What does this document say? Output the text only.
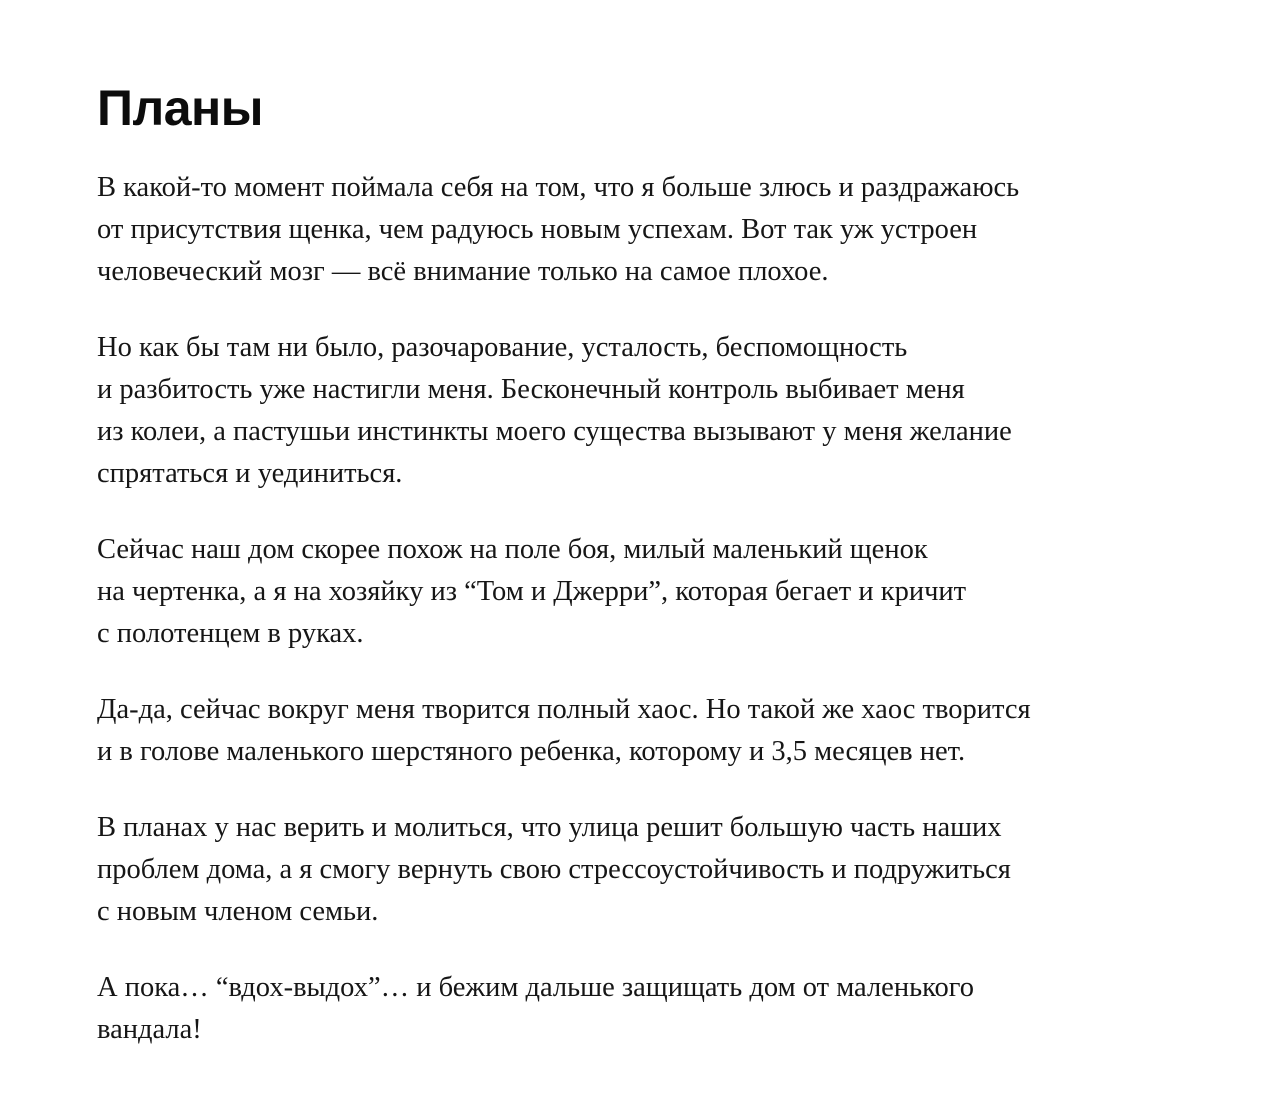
Планы

В какой-то момент поймала себя на том, что я больше злюсь и раздражаюсь
от присутствия щенка, чем радуюсь новым успехам. Вот так уж устроен
человеческий мозг — всё внимание только на самое плохое.

Но как бы там ни было, разочарование, усталость, беспомощность
и разбитость уже настигли меня. Бесконечный контроль выбивает меня
из колеи, а пастушьи инстинкты моего существа вызывают у меня желание
спрятаться и уединиться.

Сейчас наш дом скорее похож на поле боя, милый маленький щенок
на чертенка, а я на хозяйку из “Том и Джерри”, которая бегает и кричит
с полотенцем в руках.

Да-да, сейчас вокруг меня творится полный хаос. Но такой же хаос творится
и в голове маленького шерстяного ребенка, которому и 3,5 месяцев нет.

В планах у нас верить и молиться, что улица решит большую часть наших
проблем дома, а я смогу вернуть свою стрессоустойчивость и подружиться
с новым членом семьи.

А пока… “вдох-выдох”… и бежим дальше защищать дом от маленького
вандала!
